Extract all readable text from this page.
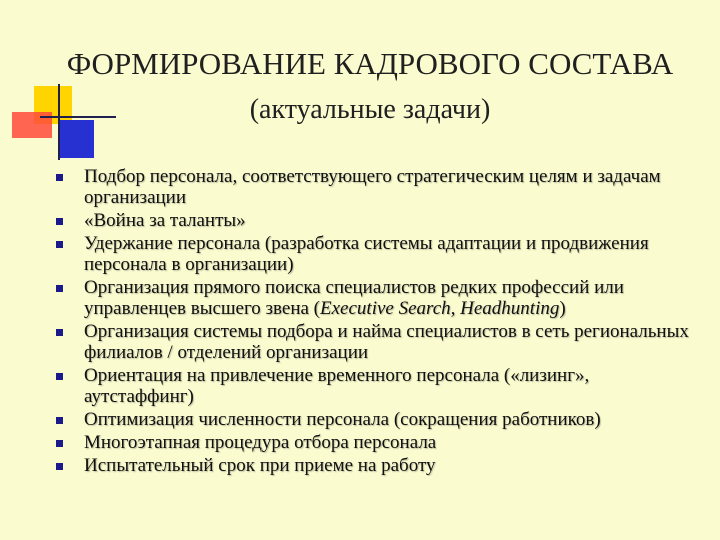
ФОРМИРОВАНИЕ КАДРОВОГО СОСТАВА
(актуальные задачи)
Подбор персонала, соответствующего стратегическим целям и задачам организации
«Война за таланты»
Удержание персонала (разработка системы адаптации и продвижения персонала в организации)
Организация прямого поиска специалистов редких профессий или управленцев высшего звена (Executive Search, Headhunting)
Организация системы подбора и найма специалистов в сеть региональных филиалов / отделений организации
Ориентация на привлечение временного персонала («лизинг», аутстаффинг)
Оптимизация численности персонала (сокращения работников)
Многоэтапная процедура отбора персонала
Испытательный срок при приеме на работу
